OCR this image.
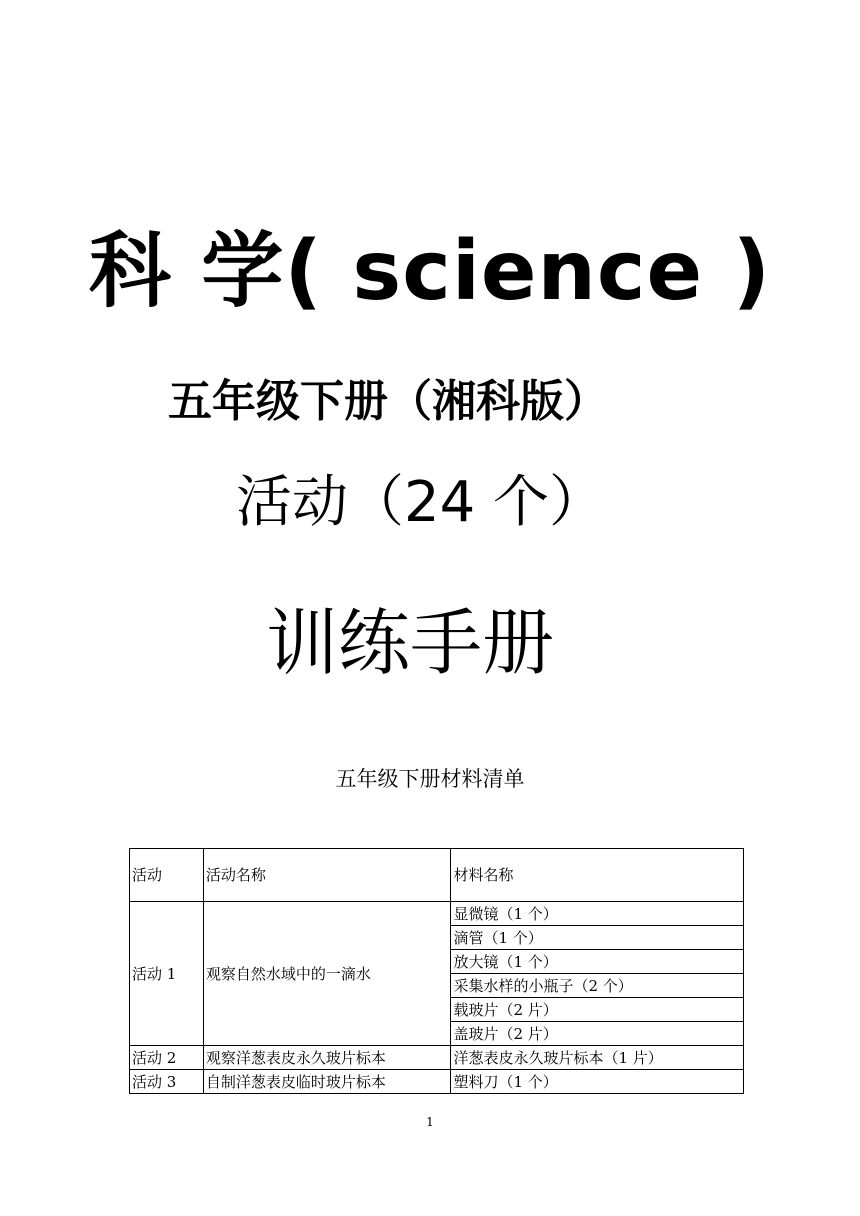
科 学( science )
五年级下册（湘科版）
活动（24 个）
训练手册
五年级下册材料清单
活动	活动名称	材料名称
活动 1	观察自然水域中的一滴水	显微镜（1 个）
		滴管（1 个）
		放大镜（1 个）
		采集水样的小瓶子（2 个）
		载玻片（2 片）
		盖玻片（2 片）
活动 2	观察洋葱表皮永久玻片标本	洋葱表皮永久玻片标本（1 片）
活动 3	自制洋葱表皮临时玻片标本	塑料刀（1 个）
1
